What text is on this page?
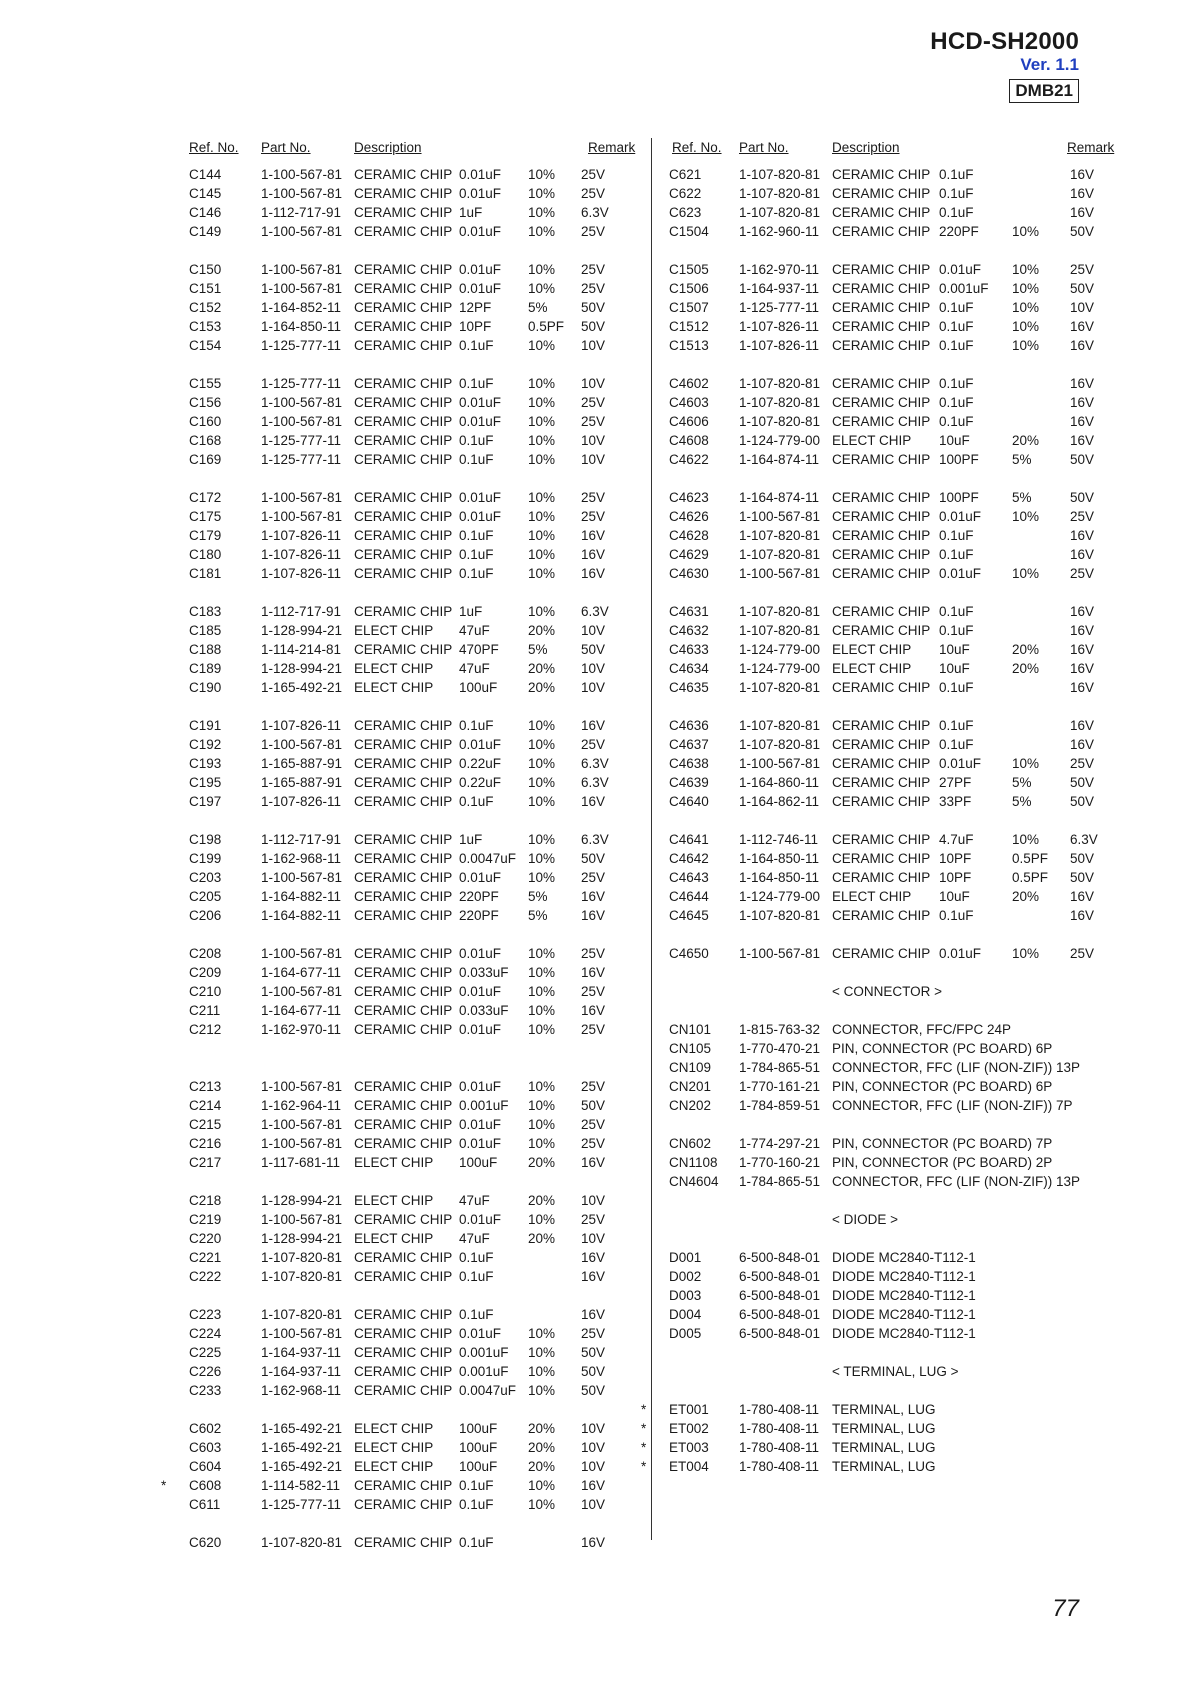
HCD-SH2000
Ver. 1.1
DMB21
Ref. No. Part No.	Description	Remark
C144	1-100-567-81 CERAMIC CHIP 0.01uF 10% 25V
C145	1-100-567-81 CERAMIC CHIP 0.01uF 10% 25V
C146	1-112-717-91 CERAMIC CHIP 1uF	10% 6.3V
C149	1-100-567-81 CERAMIC CHIP 0.01uF 10% 25V
C150	1-100-567-81 CERAMIC CHIP 0.01uF 10% 25V
C151	1-100-567-81 CERAMIC CHIP 0.01uF 10% 25V
C152	1-164-852-11 CERAMIC CHIP 12PF	5% 50V
C153	1-164-850-11 CERAMIC CHIP 10PF	0.5PF 50V
C154	1-125-777-11 CERAMIC CHIP 0.1uF	10% 10V
C155	1-125-777-11 CERAMIC CHIP 0.1uF	10% 10V
C156	1-100-567-81 CERAMIC CHIP 0.01uF 10% 25V
C160	1-100-567-81 CERAMIC CHIP 0.01uF 10% 25V
C168	1-125-777-11 CERAMIC CHIP 0.1uF	10% 10V
C169	1-125-777-11 CERAMIC CHIP 0.1uF	10% 10V
C172	1-100-567-81 CERAMIC CHIP 0.01uF 10% 25V
C175	1-100-567-81 CERAMIC CHIP 0.01uF 10% 25V
C179	1-107-826-11 CERAMIC CHIP 0.1uF	10% 16V
C180	1-107-826-11 CERAMIC CHIP 0.1uF	10% 16V
C181	1-107-826-11 CERAMIC CHIP 0.1uF	10% 16V
C183	1-112-717-91 CERAMIC CHIP 1uF	10% 6.3V
C185	1-128-994-21 ELECT CHIP 47uF	20% 10V
C188	1-114-214-81 CERAMIC CHIP 470PF 5% 50V
C189	1-128-994-21 ELECT CHIP 47uF	20% 10V
C190	1-165-492-21 ELECT CHIP 100uF 20% 10V
C191	1-107-826-11 CERAMIC CHIP 0.1uF	10% 16V
C192	1-100-567-81 CERAMIC CHIP 0.01uF 10% 25V
C193	1-165-887-91 CERAMIC CHIP 0.22uF 10% 6.3V
C195	1-165-887-91 CERAMIC CHIP 0.22uF 10% 6.3V
C197	1-107-826-11 CERAMIC CHIP 0.1uF	10% 16V
C198	1-112-717-91 CERAMIC CHIP 1uF	10% 6.3V
C199	1-162-968-11 CERAMIC CHIP 0.0047uF 10% 50V
C203	1-100-567-81 CERAMIC CHIP 0.01uF 10% 25V
C205	1-164-882-11 CERAMIC CHIP 220PF 5% 16V
C206	1-164-882-11 CERAMIC CHIP 220PF 5% 16V
C208	1-100-567-81 CERAMIC CHIP 0.01uF 10% 25V
C209	1-164-677-11 CERAMIC CHIP 0.033uF 10% 16V
C210	1-100-567-81 CERAMIC CHIP 0.01uF 10% 25V
C211	1-164-677-11 CERAMIC CHIP 0.033uF 10% 16V
C212	1-162-970-11 CERAMIC CHIP 0.01uF 10% 25V
C213	1-100-567-81 CERAMIC CHIP 0.01uF 10% 25V
C214	1-162-964-11 CERAMIC CHIP 0.001uF 10% 50V
C215	1-100-567-81 CERAMIC CHIP 0.01uF 10% 25V
C216	1-100-567-81 CERAMIC CHIP 0.01uF 10% 25V
C217	1-117-681-11 ELECT CHIP 100uF 20% 16V
C218	1-128-994-21 ELECT CHIP 47uF	20% 10V
C219	1-100-567-81 CERAMIC CHIP 0.01uF 10% 25V
C220	1-128-994-21 ELECT CHIP 47uF	20% 10V
C221	1-107-820-81 CERAMIC CHIP 0.1uF	16V
C222	1-107-820-81 CERAMIC CHIP 0.1uF	16V
C223	1-107-820-81 CERAMIC CHIP 0.1uF	16V
C224	1-100-567-81 CERAMIC CHIP 0.01uF 10% 25V
C225	1-164-937-11 CERAMIC CHIP 0.001uF 10% 50V
C226	1-164-937-11 CERAMIC CHIP 0.001uF 10% 50V
C233	1-162-968-11 CERAMIC CHIP 0.0047uF 10% 50V
C602	1-165-492-21 ELECT CHIP 100uF 20% 10V
C603	1-165-492-21 ELECT CHIP 100uF 20% 10V
C604	1-165-492-21 ELECT CHIP 100uF 20% 10V
* C608	1-114-582-11 CERAMIC CHIP 0.1uF	10% 16V
C611	1-125-777-11 CERAMIC CHIP 0.1uF	10% 10V
C620	1-107-820-81 CERAMIC CHIP 0.1uF	16V
Ref. No. Part No.	Description	Remark
C621	1-107-820-81 CERAMIC CHIP 0.1uF	16V
C622	1-107-820-81 CERAMIC CHIP 0.1uF	16V
C623	1-107-820-81 CERAMIC CHIP 0.1uF	16V
C1504 1-162-960-11 CERAMIC CHIP 220PF 10% 50V
C1505 1-162-970-11 CERAMIC CHIP 0.01uF 10% 25V
C1506 1-164-937-11 CERAMIC CHIP 0.001uF 10% 50V
C1507 1-125-777-11 CERAMIC CHIP 0.1uF	10% 10V
C1512 1-107-826-11 CERAMIC CHIP 0.1uF	10% 16V
C1513 1-107-826-11 CERAMIC CHIP 0.1uF	10% 16V
C4602 1-107-820-81 CERAMIC CHIP 0.1uF	16V
C4603 1-107-820-81 CERAMIC CHIP 0.1uF	16V
C4606 1-107-820-81 CERAMIC CHIP 0.1uF	16V
C4608 1-124-779-00 ELECT CHIP 10uF	20% 16V
C4622 1-164-874-11 CERAMIC CHIP 100PF 5%	50V
C4623 1-164-874-11 CERAMIC CHIP 100PF 5%	50V
C4626 1-100-567-81 CERAMIC CHIP 0.01uF 10% 25V
C4628 1-107-820-81 CERAMIC CHIP 0.1uF	16V
C4629 1-107-820-81 CERAMIC CHIP 0.1uF	16V
C4630 1-100-567-81 CERAMIC CHIP 0.01uF 10% 25V
C4631 1-107-820-81 CERAMIC CHIP 0.1uF	16V
C4632 1-107-820-81 CERAMIC CHIP 0.1uF	16V
C4633 1-124-779-00 ELECT CHIP 10uF	20% 16V
C4634 1-124-779-00 ELECT CHIP 10uF	20% 16V
C4635 1-107-820-81 CERAMIC CHIP 0.1uF	16V
C4636 1-107-820-81 CERAMIC CHIP 0.1uF	16V
C4637 1-107-820-81 CERAMIC CHIP 0.1uF	16V
C4638 1-100-567-81 CERAMIC CHIP 0.01uF 10% 25V
C4639 1-164-860-11 CERAMIC CHIP 27PF	5%	50V
C4640 1-164-862-11 CERAMIC CHIP 33PF	5%	50V
C4641 1-112-746-11 CERAMIC CHIP 4.7uF	10% 6.3V
C4642 1-164-850-11 CERAMIC CHIP 10PF	0.5PF 50V
C4643 1-164-850-11 CERAMIC CHIP 10PF	0.5PF 50V
C4644 1-124-779-00 ELECT CHIP 10uF	20% 16V
C4645 1-107-820-81 CERAMIC CHIP 0.1uF	16V
C4650 1-100-567-81 CERAMIC CHIP 0.01uF 10% 25V
< CONNECTOR >
CN101 1-815-763-32 CONNECTOR, FFC/FPC 24P
CN105 1-770-470-21 PIN, CONNECTOR (PC BOARD) 6P
CN109 1-784-865-51 CONNECTOR, FFC (LIF (NON-ZIF)) 13P
CN201 1-770-161-21 PIN, CONNECTOR (PC BOARD) 6P
CN202 1-784-859-51 CONNECTOR, FFC (LIF (NON-ZIF)) 7P
CN602 1-774-297-21 PIN, CONNECTOR (PC BOARD) 7P
CN1108 1-770-160-21 PIN, CONNECTOR (PC BOARD) 2P
CN4604 1-784-865-51 CONNECTOR, FFC (LIF (NON-ZIF)) 13P
< DIODE >
D001	6-500-848-01 DIODE MC2840-T112-1
D002	6-500-848-01 DIODE MC2840-T112-1
D003	6-500-848-01 DIODE MC2840-T112-1
D004	6-500-848-01 DIODE MC2840-T112-1
D005	6-500-848-01 DIODE MC2840-T112-1
< TERMINAL, LUG >
* ET001 1-780-408-11 TERMINAL, LUG
* ET002 1-780-408-11 TERMINAL, LUG
* ET003 1-780-408-11 TERMINAL, LUG
* ET004 1-780-408-11 TERMINAL, LUG
77
